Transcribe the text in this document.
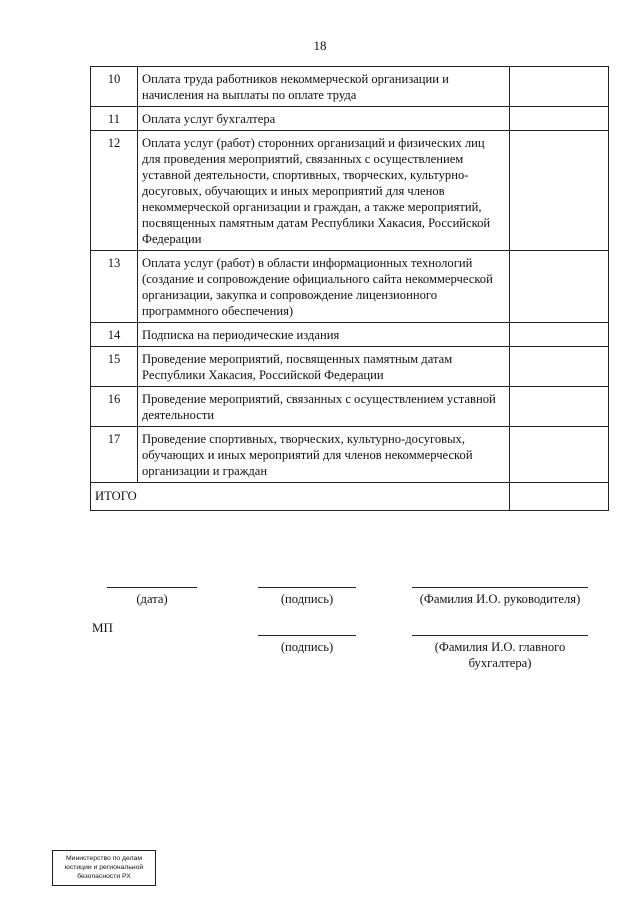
18
10	Оплата труда работников некоммерческой организации и начисления на выплаты по оплате труда	
11	Оплата услуг бухгалтера	
12	Оплата услуг (работ) сторонних организаций и физических лиц для проведения мероприятий, связанных с осуществлением уставной деятельности, спортивных, творческих, культурно-досуговых, обучающих и иных мероприятий для членов некоммерческой организации и граждан, а также мероприятий, посвященных памятным датам Республики Хакасия, Российской Федерации	
13	Оплата услуг (работ) в области информационных технологий (создание и сопровождение официального сайта некоммерческой организации, закупка и сопровождение лицензионного программного обеспечения)	
14	Подписка на периодические издания	
15	Проведение мероприятий, посвященных памятным датам Республики Хакасия, Российской Федерации	
16	Проведение мероприятий, связанных с осуществлением уставной деятельности	
17	Проведение спортивных, творческих, культурно-досуговых, обучающих и иных мероприятий для членов некоммерческой организации и граждан	
ИТОГО		
(дата)	(подпись)	(Фамилия И.О. руководителя)
МП
(подпись)	(Фамилия И.О. главного бухгалтера)
Министерство по делам юстиции и региональной безопасности РХ
